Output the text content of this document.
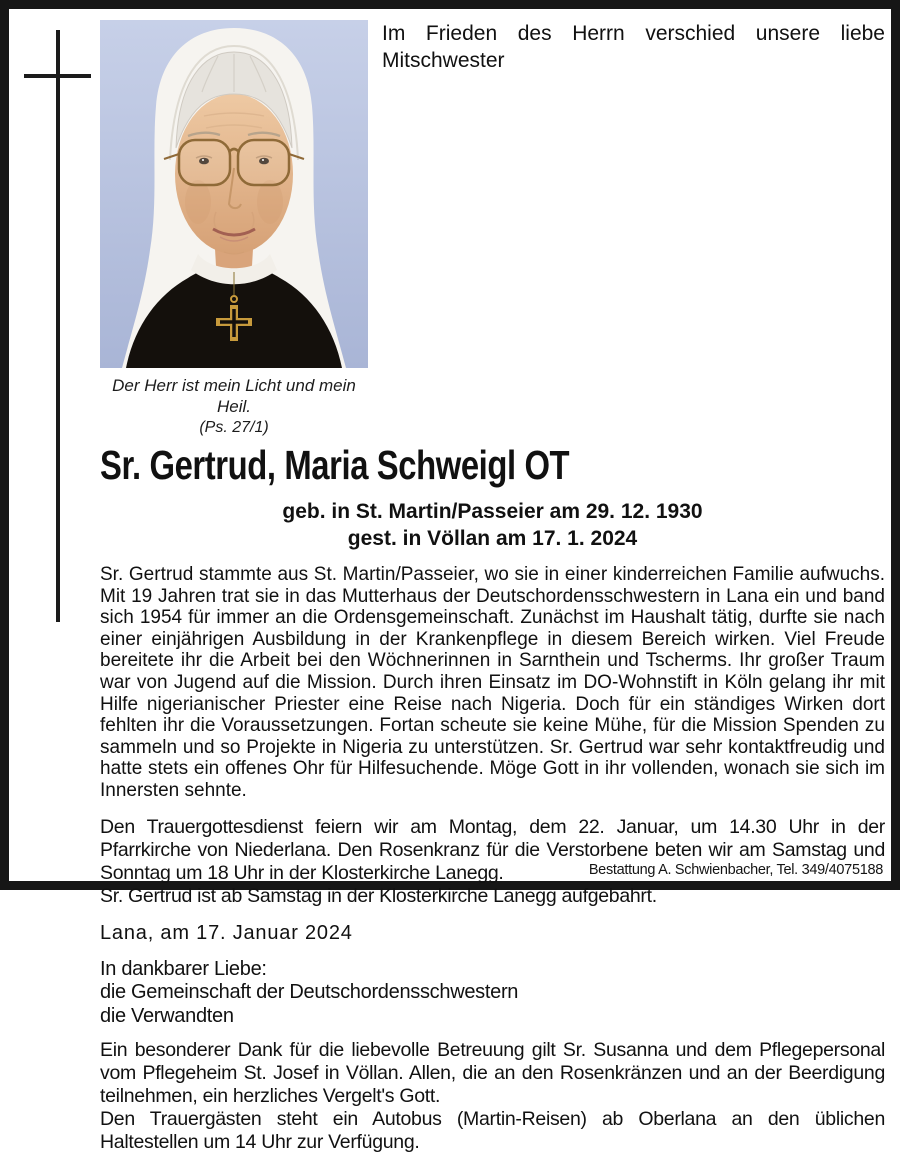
Der Herr ist mein Licht und mein Heil.
(Ps. 27/1)

Im Frieden des Herrn verschied unsere liebe Mitschwester

Sr. Gertrud, Maria Schweigl OT
geb. in St. Martin/Passeier am 29. 12. 1930
gest. in Völlan am 17. 1. 2024

Sr. Gertrud stammte aus St. Martin/Passeier, wo sie in einer kinderreichen Familie aufwuchs. Mit 19 Jahren trat sie in das Mutterhaus der Deutschordensschwestern in Lana ein und band sich 1954 für immer an die Ordensgemeinschaft. Zunächst im Haushalt tätig, durfte sie nach einer einjährigen Ausbildung in der Krankenpflege in diesem Bereich wirken. Viel Freude bereitete ihr die Arbeit bei den Wöchnerinnen in Sarnthein und Tscherms. Ihr großer Traum war von Jugend auf die Mission. Durch ihren Einsatz im DO-Wohnstift in Köln gelang ihr mit Hilfe nigerianischer Priester eine Reise nach Nigeria. Doch für ein ständiges Wirken dort fehlten ihr die Voraussetzungen. Fortan scheute sie keine Mühe, für die Mission Spenden zu sammeln und so Projekte in Nigeria zu unterstützen. Sr. Gertrud war sehr kontaktfreudig und hatte stets ein offenes Ohr für Hilfesuchende. Möge Gott in ihr vollenden, wonach sie sich im Innersten sehnte.

Den Trauergottesdienst feiern wir am Montag, dem 22. Januar, um 14.30 Uhr in der Pfarrkirche von Niederlana. Den Rosenkranz für die Verstorbene beten wir am Samstag und Sonntag um 18 Uhr in der Klosterkirche Lanegg.
Sr. Gertrud ist ab Samstag in der Klosterkirche Lanegg aufgebahrt.

Lana, am 17. Januar 2024

In dankbarer Liebe:
die Gemeinschaft der Deutschordensschwestern
die Verwandten
Ein besonderer Dank für die liebevolle Betreuung gilt Sr. Susanna und dem Pflegepersonal vom Pflegeheim St. Josef in Völlan. Allen, die an den Rosenkränzen und an der Beerdigung teilnehmen, ein herzliches Vergelt's Gott.
Den Trauergästen steht ein Autobus (Martin-Reisen) ab Oberlana an den üblichen Haltestellen um 14 Uhr zur Verfügung.
Bestattung A. Schwienbacher, Tel. 349/4075188
